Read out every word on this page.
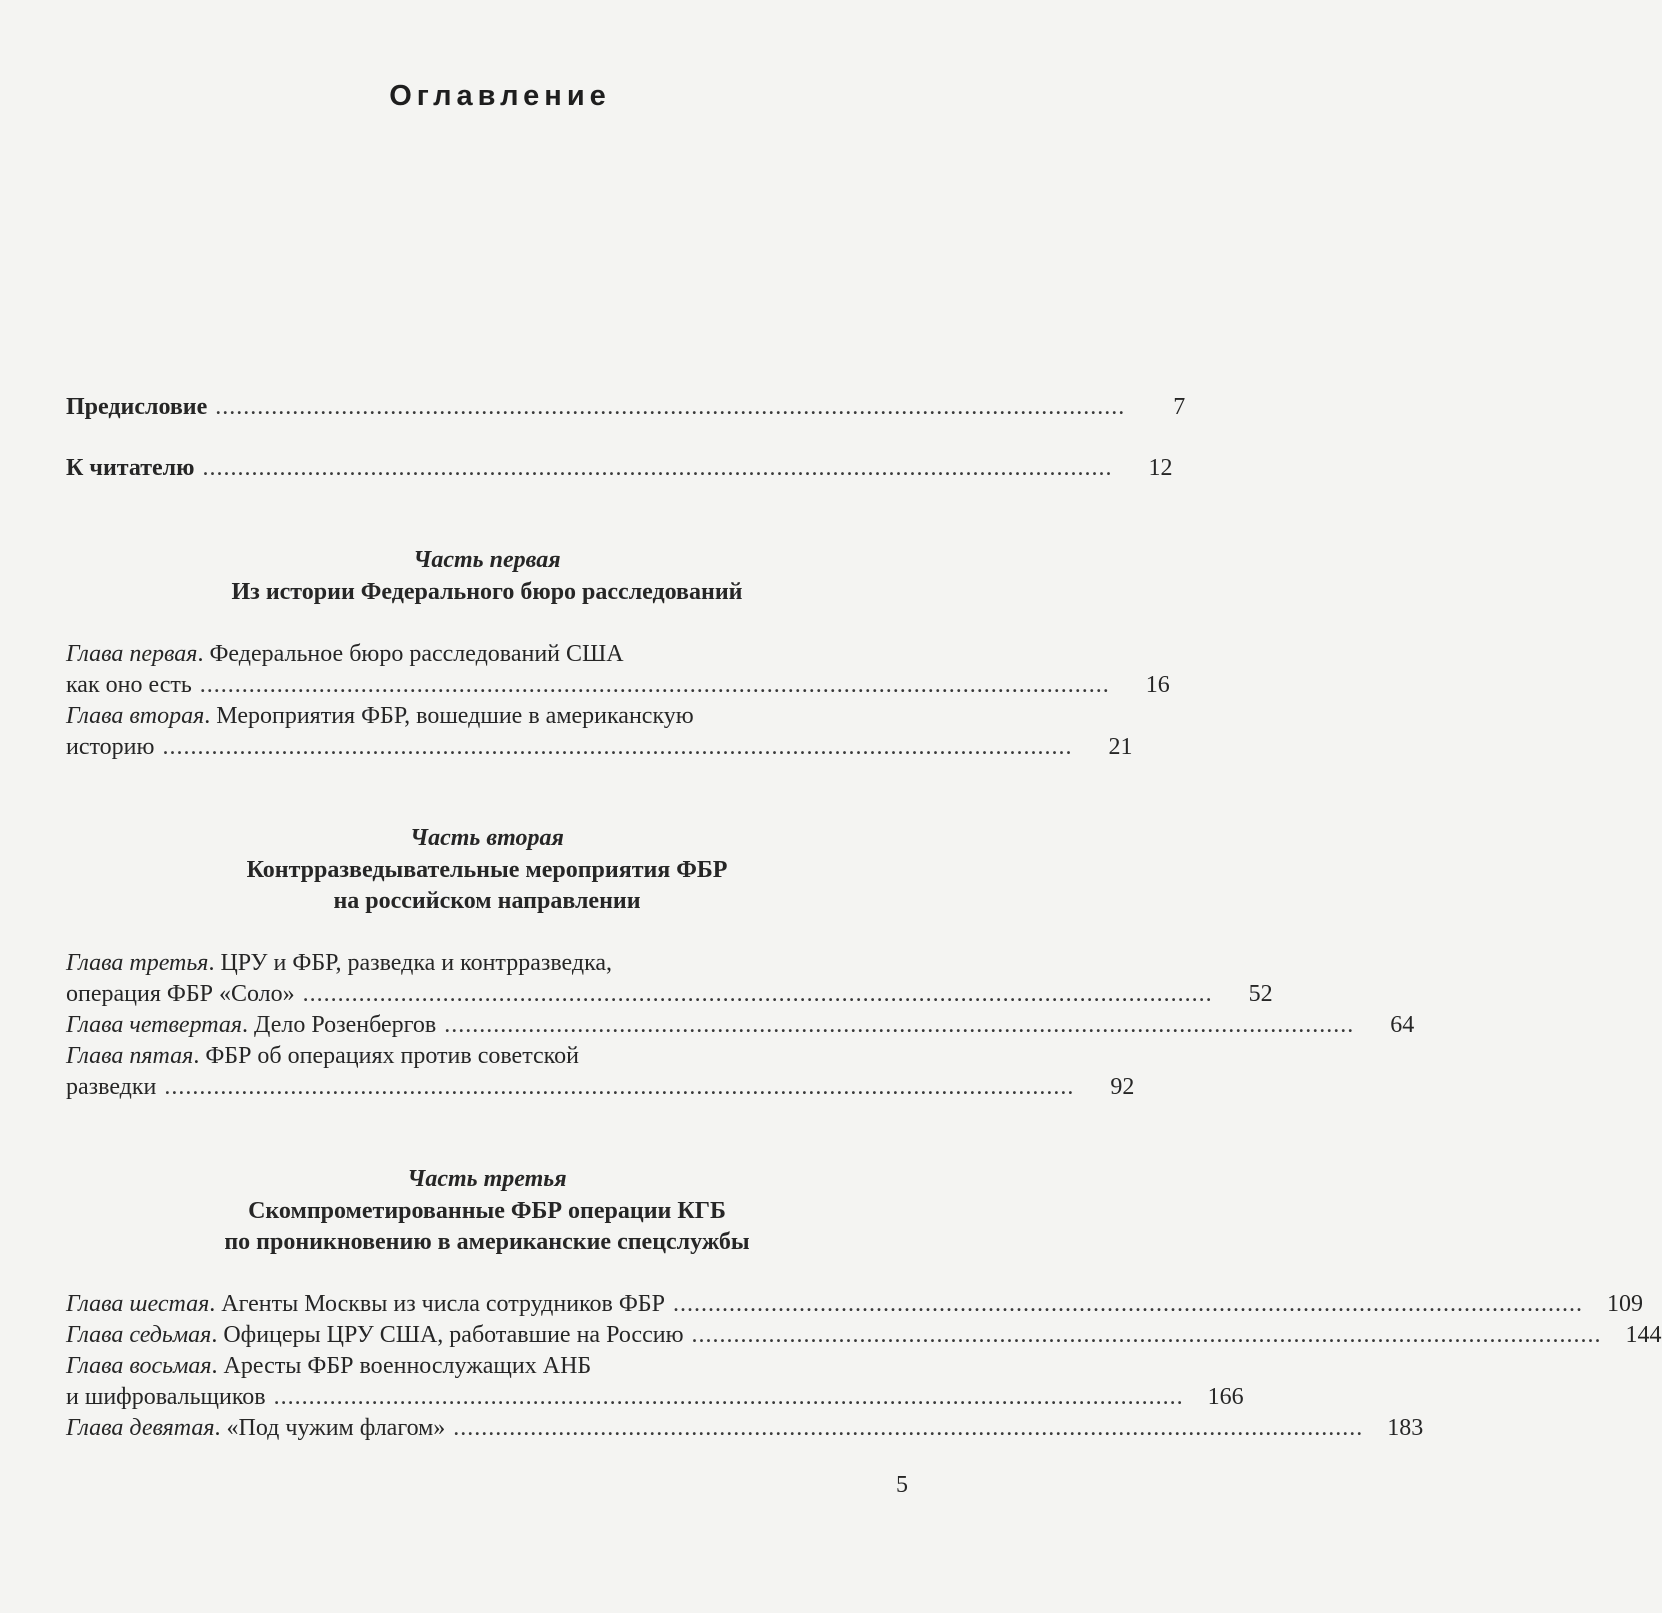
Оглавление
Предисловие ..................................................................................................................................	7
К читателю ..................................................................................................................................	12
Часть первая
Из истории Федерального бюро расследований
Глава первая. Федеральное бюро расследований США
как оно есть ..................................................................................................................................	16
Глава вторая. Мероприятия ФБР, вошедшие в американскую
историю ..................................................................................................................................	21
Часть вторая
Контрразведывательные мероприятия ФБР
на российском направлении
Глава третья. ЦРУ и ФБР, разведка и контрразведка,
операция ФБР «Соло» ..................................................................................................................................	52
Глава четвертая. Дело Розенбергов ..................................................................................................................................	64
Глава пятая. ФБР об операциях против советской
разведки ..................................................................................................................................	92
Часть третья
Скомпрометированные ФБР операции КГБ
по проникновению в американские спецслужбы
Глава шестая. Агенты Москвы из числа сотрудников ФБР ..................................................................................................................................	109
Глава седьмая. Офицеры ЦРУ США, работавшие на Россию ..................................................................................................................................	144
Глава восьмая. Аресты ФБР военнослужащих АНБ
и шифровальщиков ..................................................................................................................................	166
Глава девятая. «Под чужим флагом» ..................................................................................................................................	183
5
